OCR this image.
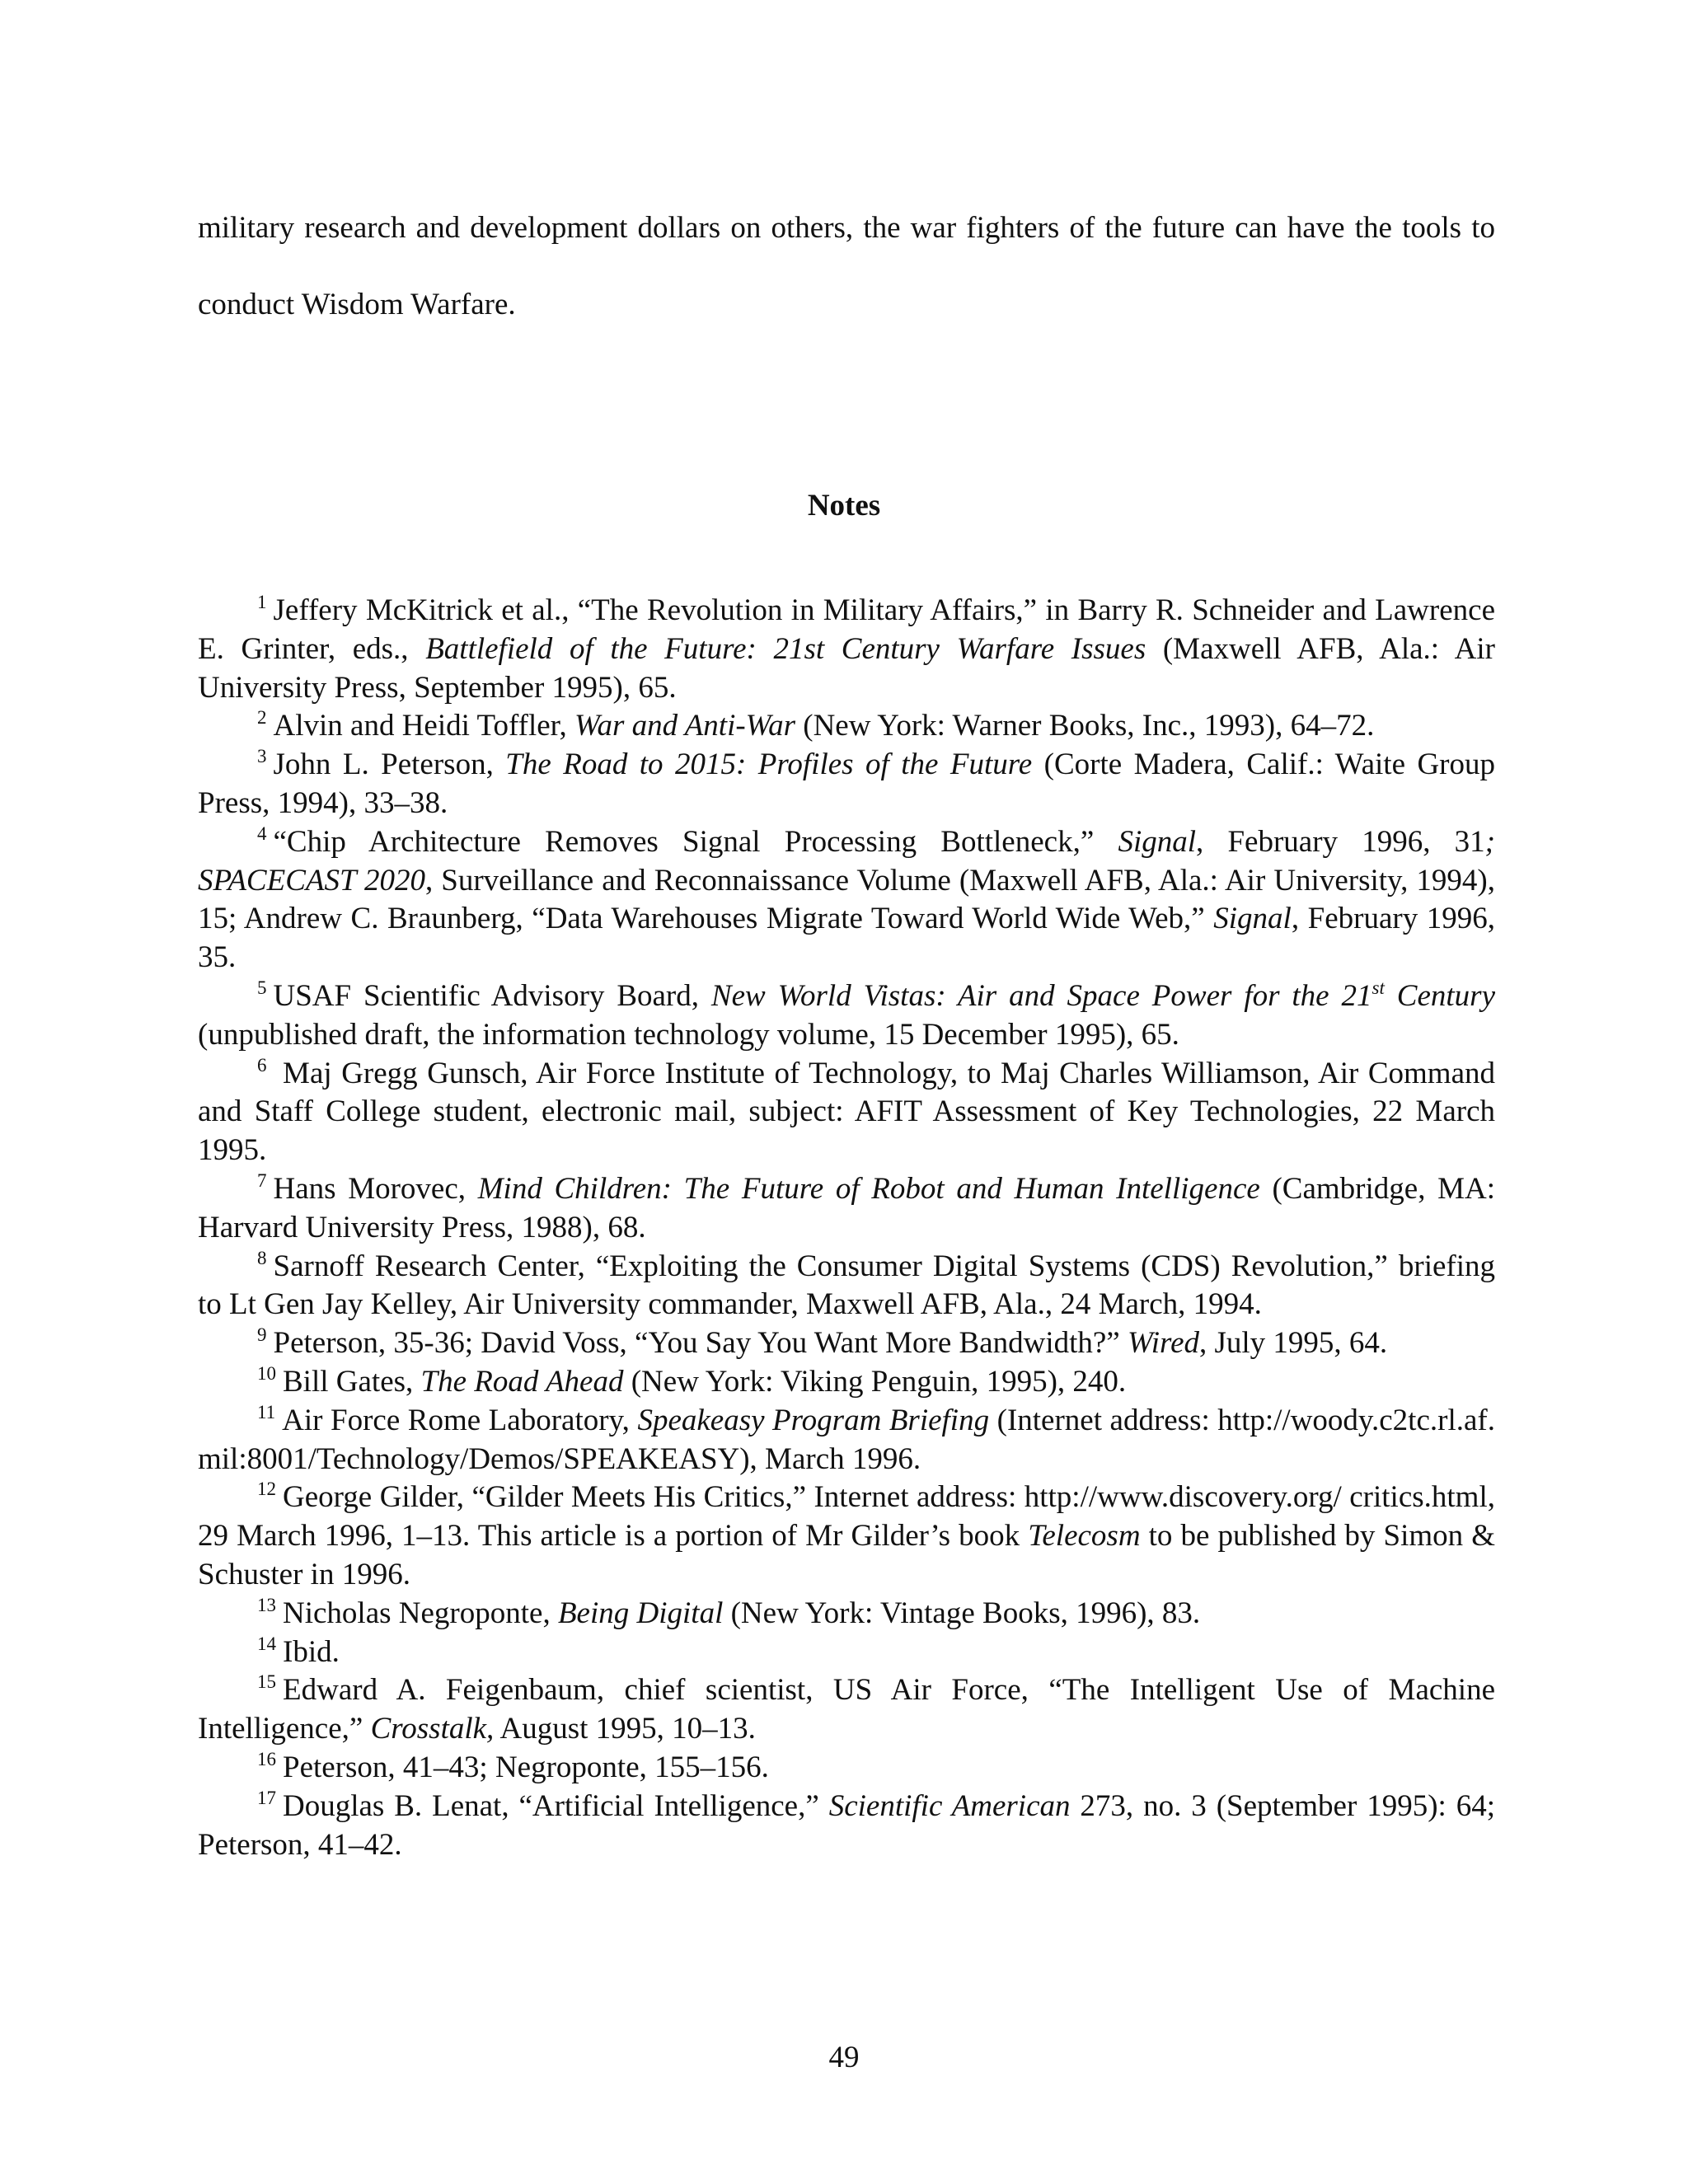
military research and development dollars on others, the war fighters of the future can have the tools to conduct Wisdom Warfare.

Notes

$^1$ Jeffery McKitrick et al., “The Revolution in Military Affairs,” in Barry R. Schneider and Lawrence E. Grinter, eds., Battlefield of the Future: 21st Century Warfare Issues (Maxwell AFB, Ala.: Air University Press, September 1995), 65.

$^2$ Alvin and Heidi Toffler, War and Anti-War (New York: Warner Books, Inc., 1993), 64–72.

$^3$ John L. Peterson, The Road to 2015: Profiles of the Future (Corte Madera, Calif.: Waite Group Press, 1994), 33–38.

$^4$ “Chip Architecture Removes Signal Processing Bottleneck,” Signal, February 1996, 31; SPACECAST 2020, Surveillance and Reconnaissance Volume (Maxwell AFB, Ala.: Air University, 1994), 15; Andrew C. Braunberg, “Data Warehouses Migrate Toward World Wide Web,” Signal, February 1996, 35.

$^5$ USAF Scientific Advisory Board, New World Vistas: Air and Space Power for the 21st Century (unpublished draft, the information technology volume, 15 December 1995), 65.

$^6$ Maj Gregg Gunsch, Air Force Institute of Technology, to Maj Charles Williamson, Air Command and Staff College student, electronic mail, subject: AFIT Assessment of Key Technologies, 22 March 1995.

$^7$ Hans Morovec, Mind Children: The Future of Robot and Human Intelligence (Cambridge, MA: Harvard University Press, 1988), 68.

$^8$ Sarnoff Research Center, “Exploiting the Consumer Digital Systems (CDS) Revolution,” briefing to Lt Gen Jay Kelley, Air University commander, Maxwell AFB, Ala., 24 March, 1994.

$^9$ Peterson, 35-36; David Voss, “You Say You Want More Bandwidth?” Wired, July 1995, 64.

$^{10}$ Bill Gates, The Road Ahead (New York: Viking Penguin, 1995), 240.

$^{11}$ Air Force Rome Laboratory, Speakeasy Program Briefing (Internet address: http://woody.c2tc.rl.af. mil:8001/Technology/Demos/SPEAKEASY), March 1996.

$^{12}$ George Gilder, “Gilder Meets His Critics,” Internet address: http://www.discovery.org/ critics.html, 29 March 1996, 1–13. This article is a portion of Mr Gilder’s book Telecosm to be published by Simon & Schuster in 1996.

$^{13}$ Nicholas Negroponte, Being Digital (New York: Vintage Books, 1996), 83.

$^{14}$ Ibid.

$^{15}$ Edward A. Feigenbaum, chief scientist, US Air Force, “The Intelligent Use of Machine Intelligence,” Crosstalk, August 1995, 10–13.

$^{16}$ Peterson, 41–43; Negroponte, 155–156.

$^{17}$ Douglas B. Lenat, “Artificial Intelligence,” Scientific American 273, no. 3 (September 1995): 64; Peterson, 41–42.

49
